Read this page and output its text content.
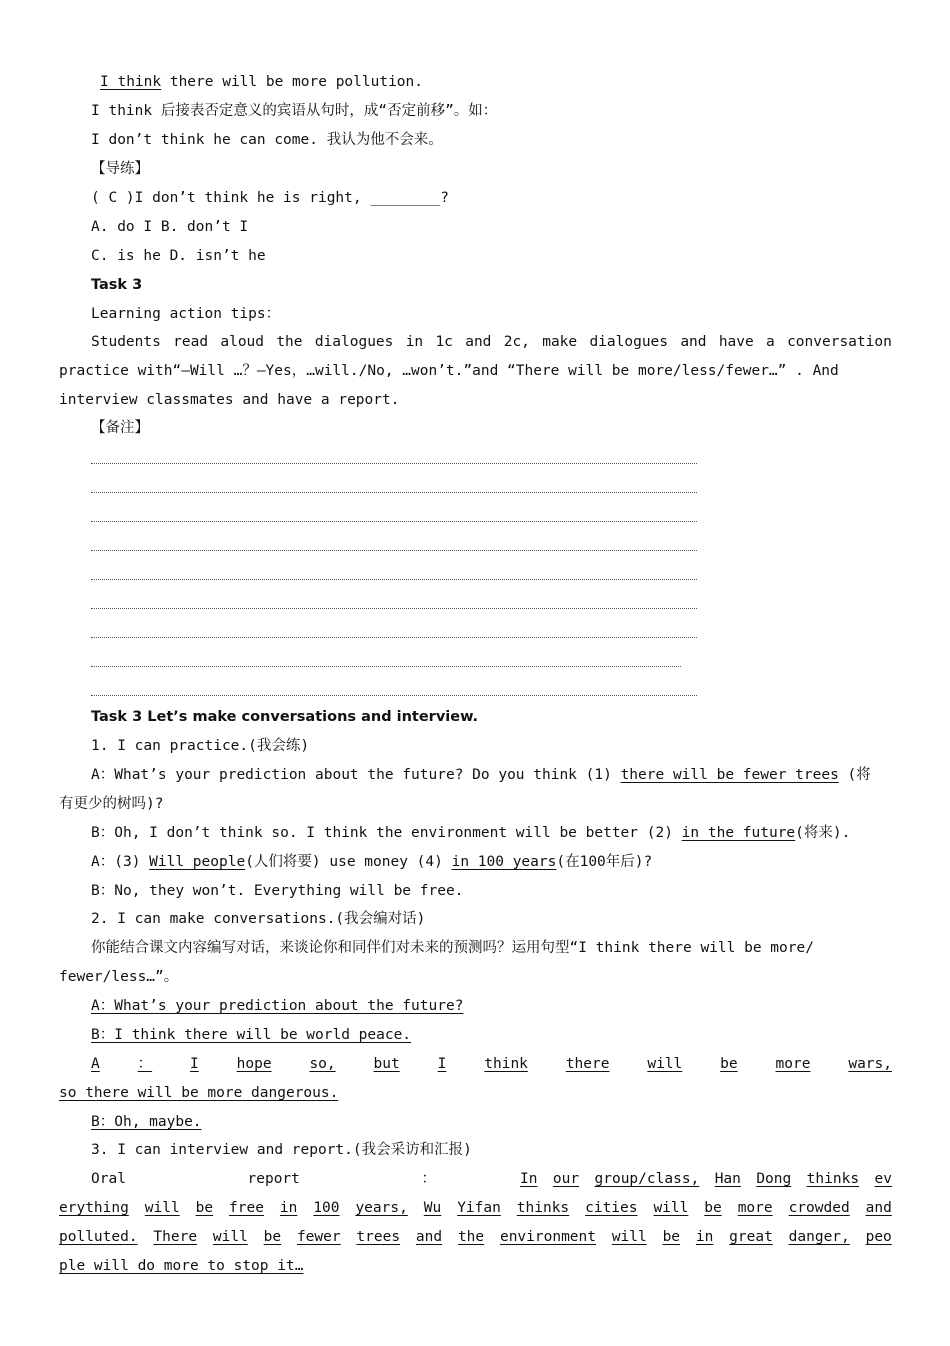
I think there will be more pollution.
I think 后接表否定意义的宾语从句时，成“否定前移”。如：
I don’t think he can come. 我认为他不会来。
【导练】
( C )I don’t think he is right, ________?
A. do I B. don’t I
C. is he D. isn’t he
Task 3
Learning action tips：
Students read aloud the dialogues in 1c and 2c, make dialogues and have a conversation
practice with“—Will …？—Yes，…will./No, …won’t.”and “There will be more/less/fewer…” . And
interview classmates and have a report.
【备注】
Task 3 Let’s make conversations and interview.
1. I can practice.(我会练)
A：What’s your prediction about the future? Do you think (1) there will be fewer trees (将
有更少的树吗)?
B：Oh, I don’t think so. I think the environment will be better (2) in the future(将来).
A：(3) Will people(人们将要) use money (4) in 100 years(在100年后)?
B：No, they won’t. Everything will be free.
2. I can make conversations.(我会编对话)
你能结合课文内容编写对话，来谈论你和同伴们对未来的预测吗？运用句型“I think there will be more/
fewer/less…”。
A：What’s your prediction about the future?
B：I think there will be world peace.
A	：	I	hope	so,	but	I	think	there	will	be	more	wars,
so there will be more dangerous.
B：Oh, maybe.
3. I can interview and report.(我会采访和汇报)
Oral	report	：	In our group/class, Han Dong thinks ev
erything will be free in 100 years, Wu Yifan thinks cities will be more crowded and
polluted. There will be fewer trees and the environment will be in great danger, peo
ple will do more to stop it…
